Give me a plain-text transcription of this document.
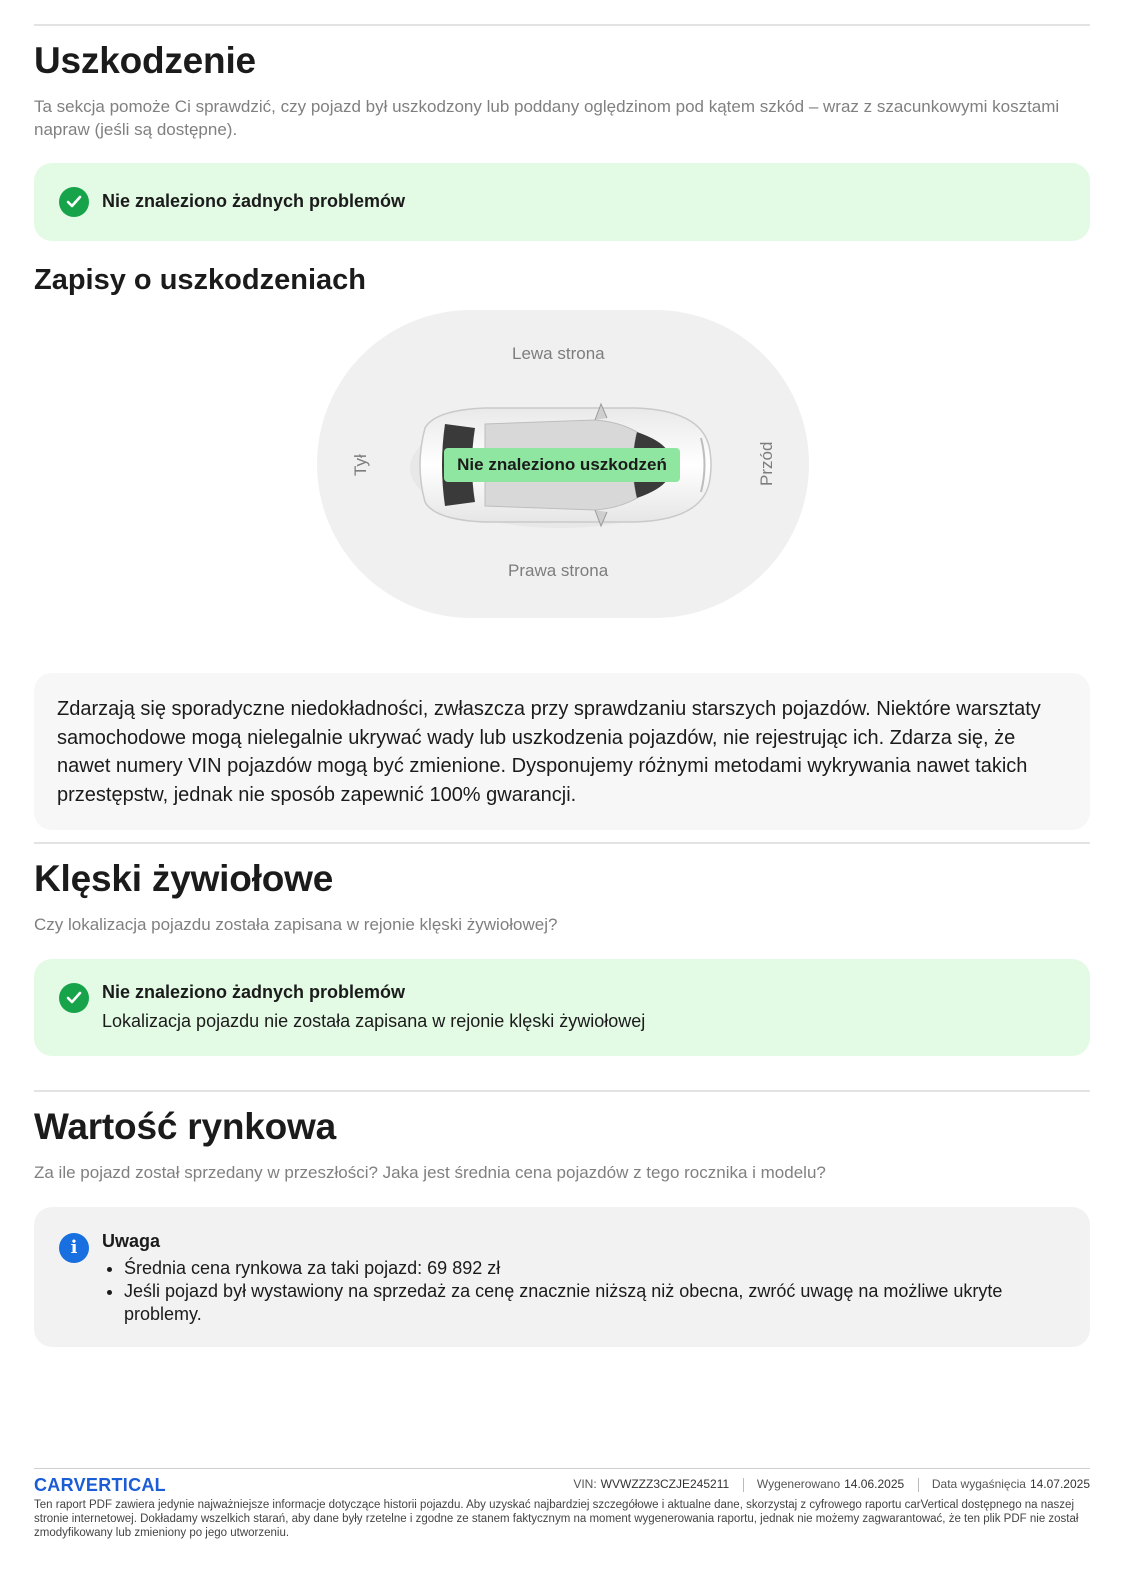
Uszkodzenie

Ta sekcja pomoże Ci sprawdzić, czy pojazd był uszkodzony lub poddany oględzinom pod kątem szkód – wraz z szacunkowymi kosztami napraw (jeśli są dostępne).

Nie znaleziono żadnych problemów
Zapisy o uszkodzeniach
Lewa strona
Prawa strona
Tył	Przód
Nie znaleziono uszkodzeń

Zdarzają się sporadyczne niedokładności, zwłaszcza przy sprawdzaniu starszych pojazdów. Niektóre warsztaty samochodowe mogą nielegalnie ukrywać wady lub uszkodzenia pojazdów, nie rejestrując ich. Zdarza się, że nawet numery VIN pojazdów mogą być zmienione. Dysponujemy różnymi metodami wykrywania nawet takich przestępstw, jednak nie sposób zapewnić 100% gwarancji.

Klęski żywiołowe

Czy lokalizacja pojazdu została zapisana w rejonie klęski żywiołowej?

Nie znaleziono żadnych problemów
Lokalizacja pojazdu nie została zapisana w rejonie klęski żywiołowej
Wartość rynkowa

Za ile pojazd został sprzedany w przeszłości? Jaka jest średnia cena pojazdów z tego rocznika i modelu?

i	Uwaga
• Średnia cena rynkowa za taki pojazd: 69 892 zł
• Jeśli pojazd był wystawiony na sprzedaż za cenę znacznie niższą niż obecna, zwróć uwagę na możliwe ukryte problemy.
CARVERTICAL	VIN: WVWZZZ3CZJE245211 Wygenerowano 14.06.2025 Data wygaśnięcia 14.07.2025

Ten raport PDF zawiera jedynie najważniejsze informacje dotyczące historii pojazdu. Aby uzyskać najbardziej szczegółowe i aktualne dane, skorzystaj z cyfrowego raportu carVertical dostępnego na naszej stronie internetowej. Dokładamy wszelkich starań, aby dane były rzetelne i zgodne ze stanem faktycznym na moment wygenerowania raportu, jednak nie możemy zagwarantować, że ten plik PDF nie został zmodyfikowany lub zmieniony po jego utworzeniu.
